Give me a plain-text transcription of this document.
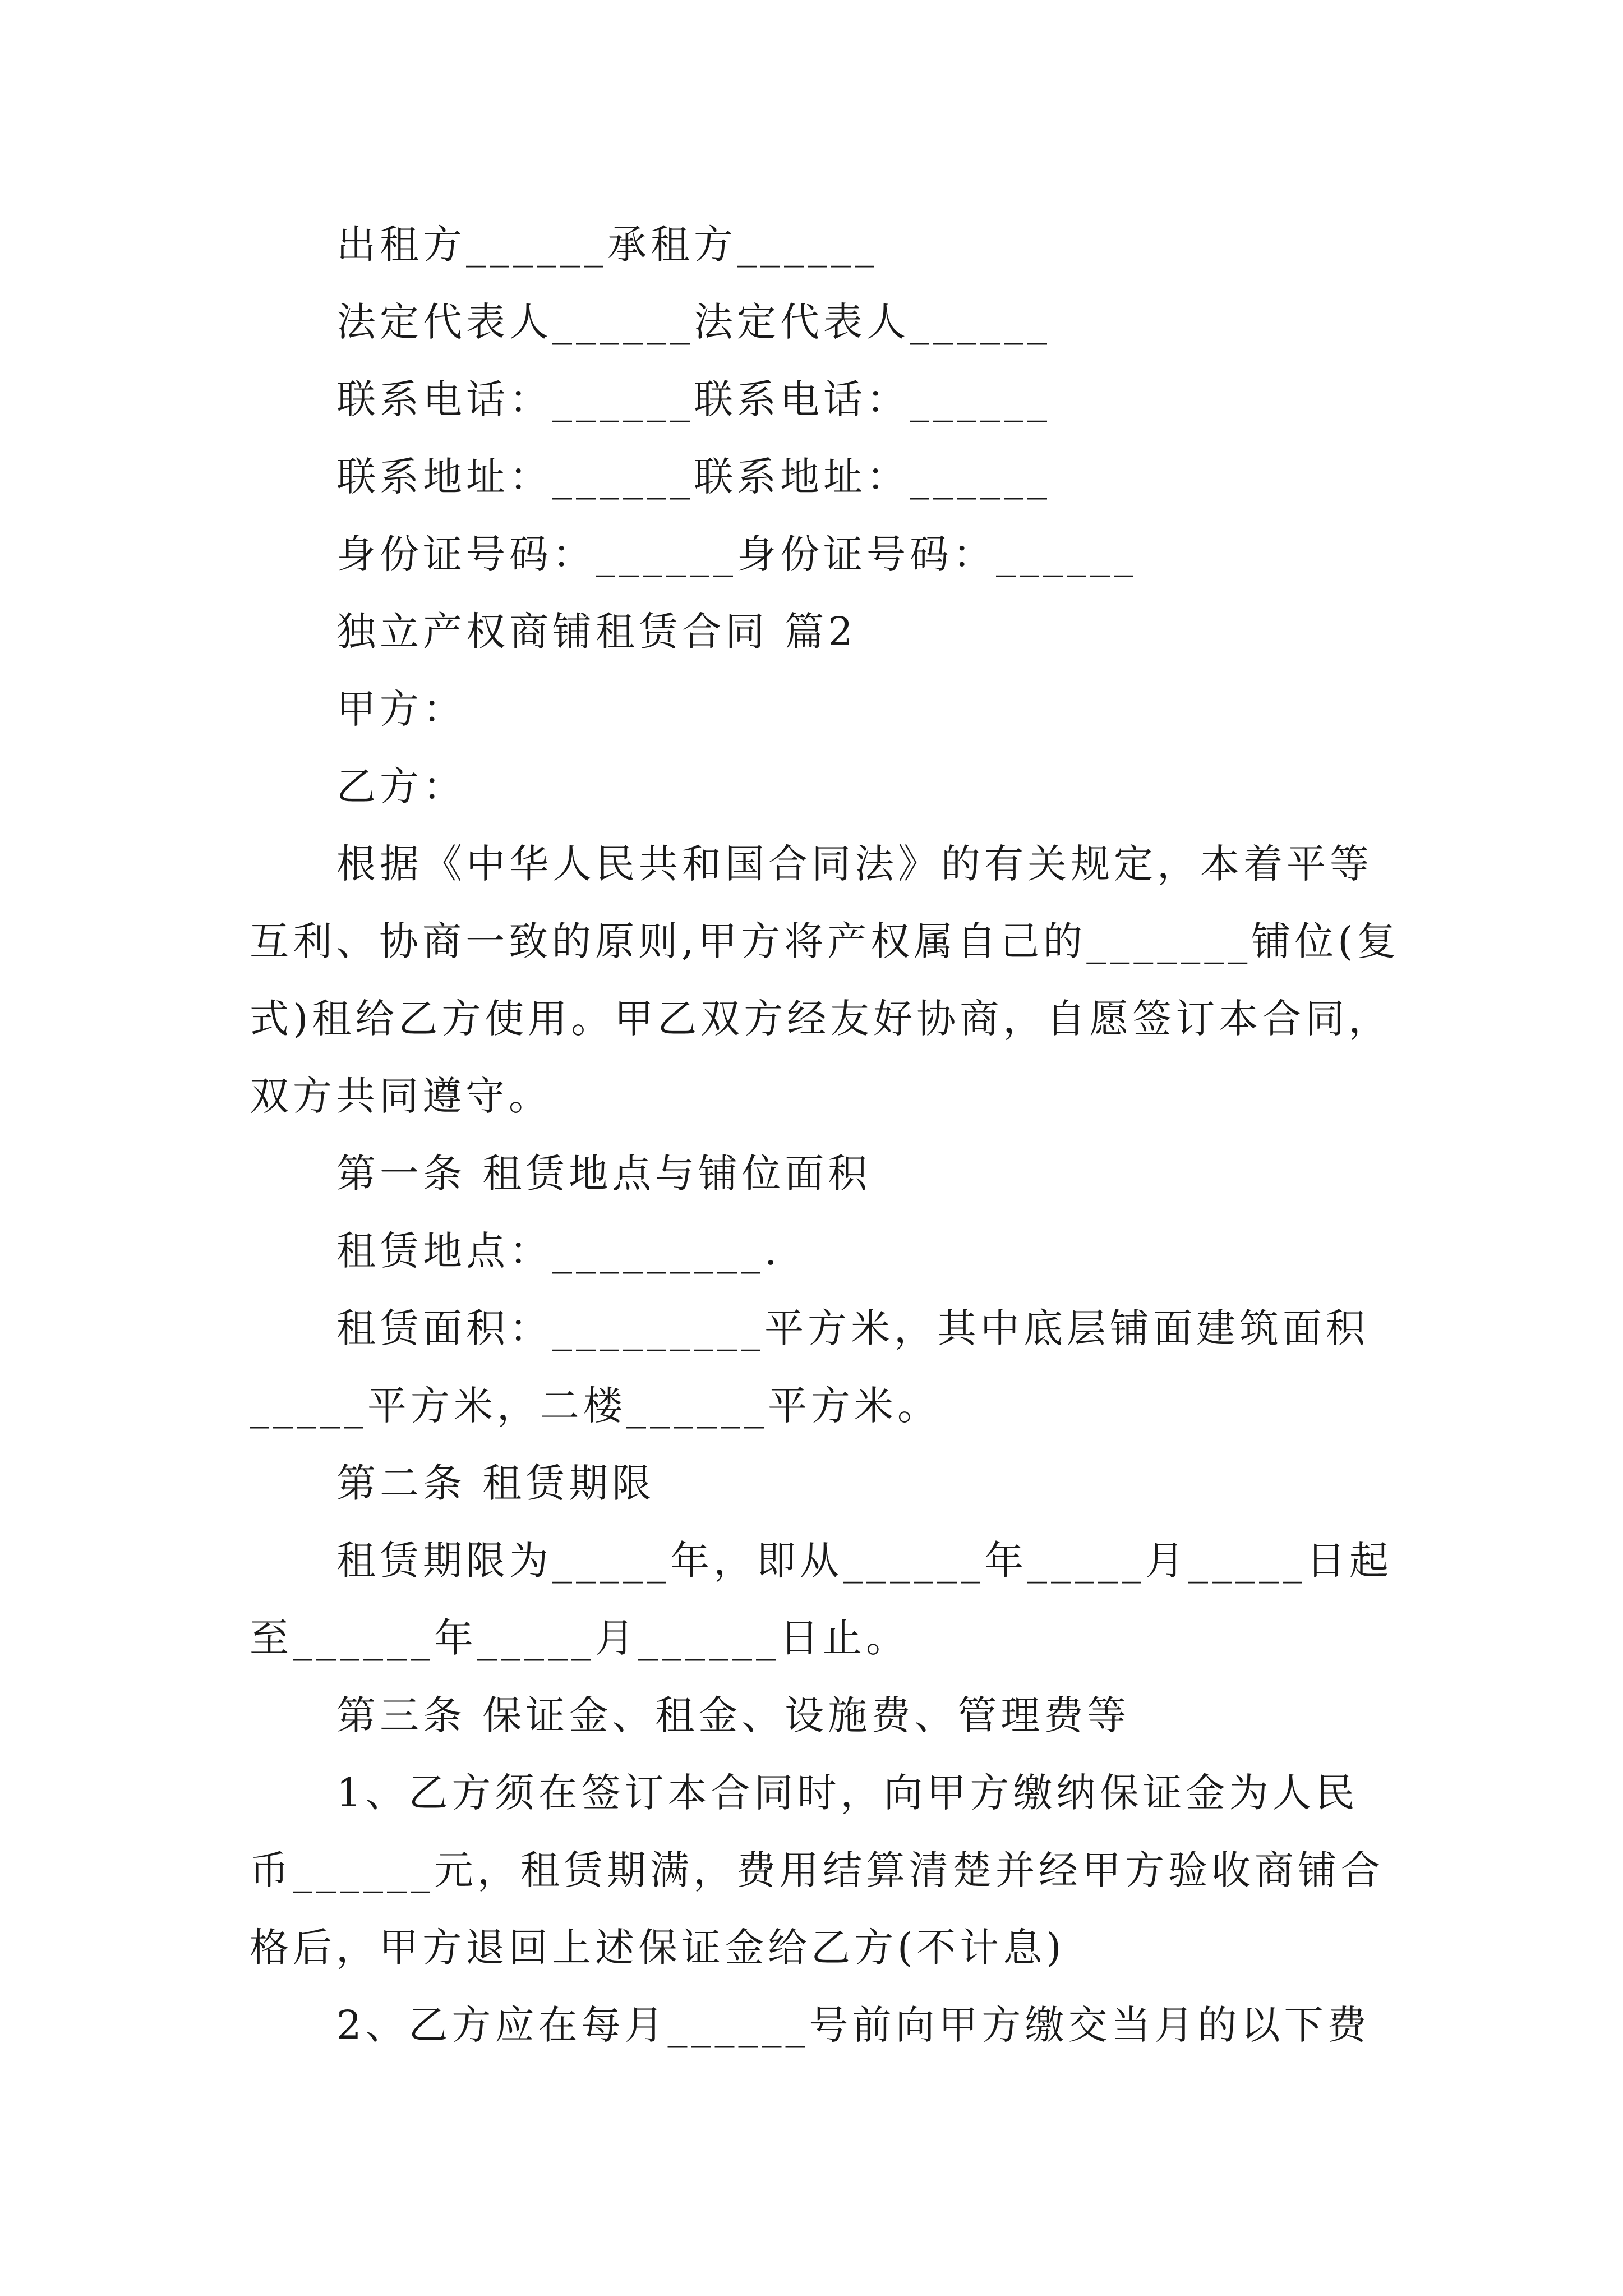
出租方______承租方______
法定代表人______法定代表人______
联系电话：______联系电话：______
联系地址：______联系地址：______
身份证号码：______身份证号码：______
独立产权商铺租赁合同 篇2
甲方：
乙方：
根据《中华人民共和国合同法》的有关规定，本着平等
互利、协商一致的原则,甲方将产权属自己的_______铺位(复
式)租给乙方使用。甲乙双方经友好协商，自愿签订本合同，
双方共同遵守。
第一条 租赁地点与铺位面积
租赁地点：_________.
租赁面积：_________平方米，其中底层铺面建筑面积
_____平方米，二楼______平方米。
第二条 租赁期限
租赁期限为_____年，即从______年_____月_____日起
至______年_____月______日止。
第三条 保证金、租金、设施费、管理费等
1、乙方须在签订本合同时，向甲方缴纳保证金为人民
币______元，租赁期满，费用结算清楚并经甲方验收商铺合
格后，甲方退回上述保证金给乙方(不计息)
2、乙方应在每月______号前向甲方缴交当月的以下费
